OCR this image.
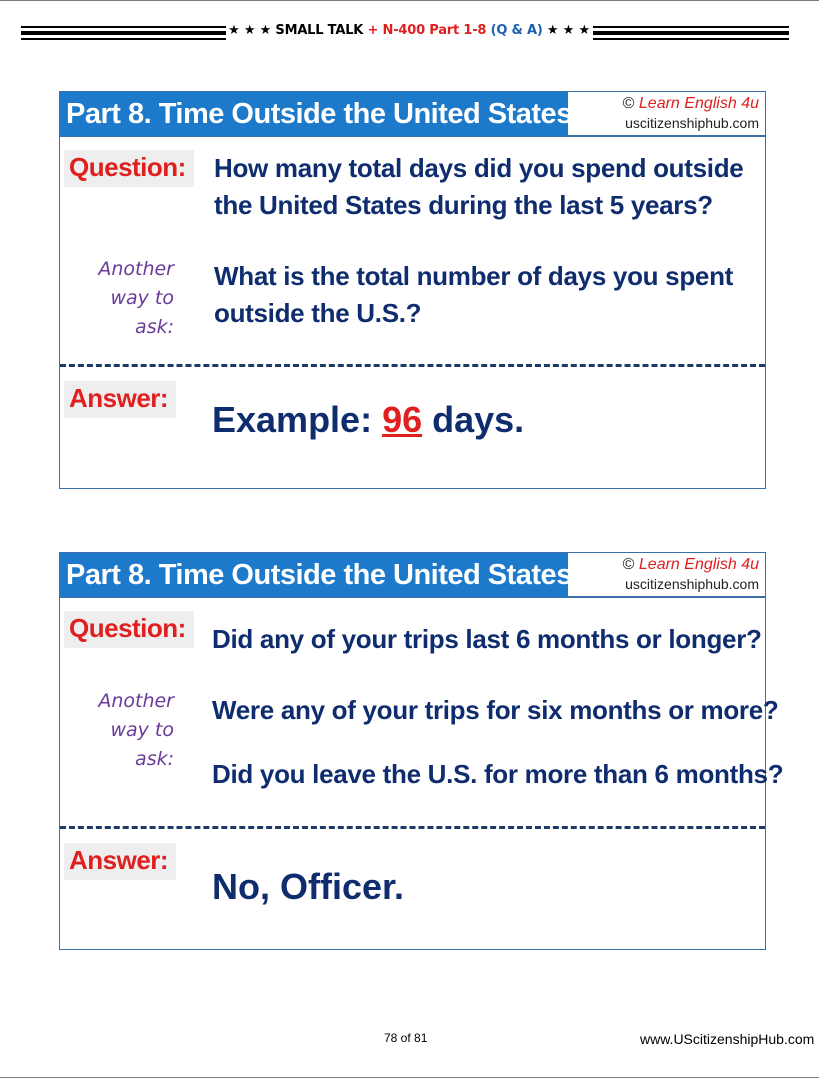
★ ★ ★ SMALL TALK + N-400 Part 1-8 (Q & A) ★ ★ ★
Part 8. Time Outside the United States	© Learn English 4u
uscitizenshiphub.com
Question:	How many total days did you spend outside the United States during the last 5 years?
Another way to ask:
What is the total number of days you spent outside the U.S.?
Answer:
Example: 96 days.
Part 8. Time Outside the United States	© Learn English 4u
uscitizenshiphub.com
Question:	Did any of your trips last 6 months or longer?
Another way to ask:
Were any of your trips for six months or more?
Did you leave the U.S. for more than 6 months?
Answer:
No, Officer.
78 of 81	www.UScitizenshipHub.com
